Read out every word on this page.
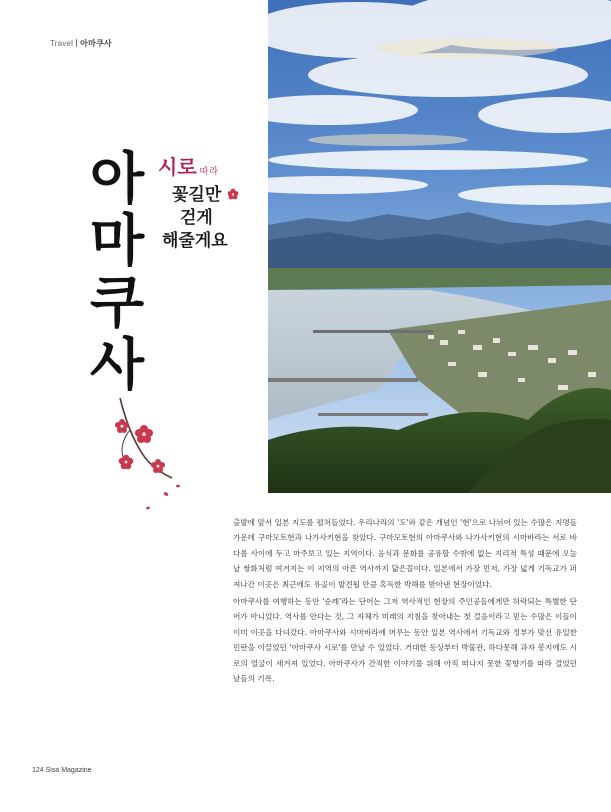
Travel 아마쿠사
아
마
쿠
사
시로 따라
꽃길만
걷게
해줄게요

출발에 앞서 일본 지도를 펼쳐들었다. 우리나라의 '도'와 같은 개념인 '현'으로 나뉘어 있는 수많은 지명들 가운데 구마모토현과 나가사키현을 찾았다. 구마모토현의 아마쿠사와 나가사키현의 시마바라는 서로 바다를 사이에 두고 마주보고 있는 지역이다. 음식과 문화를 공유할 수밖에 없는 지리적 특성 때문에 오늘날 쌍화처럼 여겨지는 이 지역의 아픈 역사까지 닮은꼴이다. 일본에서 가장 먼저, 가장 넓게 기독교가 퍼져나간 이곳은 최근에도 유골이 발견될 만큼 혹독한 박해를 받아낸 현장이었다.

아마쿠사를 여행하는 동안 '순례'라는 단어는 그저 역사적인 현장의 주인공들에게만 허락되는 특별한 단어가 아니었다. 역사를 안다는 것, 그 자체가 미래의 지침을 찾아내는 첫 걸음이라고 믿는 수많은 이들이 이미 이곳을 다녀갔다. 아마쿠사와 시마바라에 머무는 동안 일본 역사에서 기독교와 정부가 맞선 유일한 민란을 이끌었던 '아마쿠사 시로'를 만날 수 있었다. 거대한 동상부터 박물관, 하다못해 과자 봉지에도 시로의 얼굴이 새겨져 있었다. 아마쿠사가 간직한 이야기를 위해 아직 떠나지 못한 꽃향기를 따라 걸었던 날들의 기록.

124 Sisa Magazine
